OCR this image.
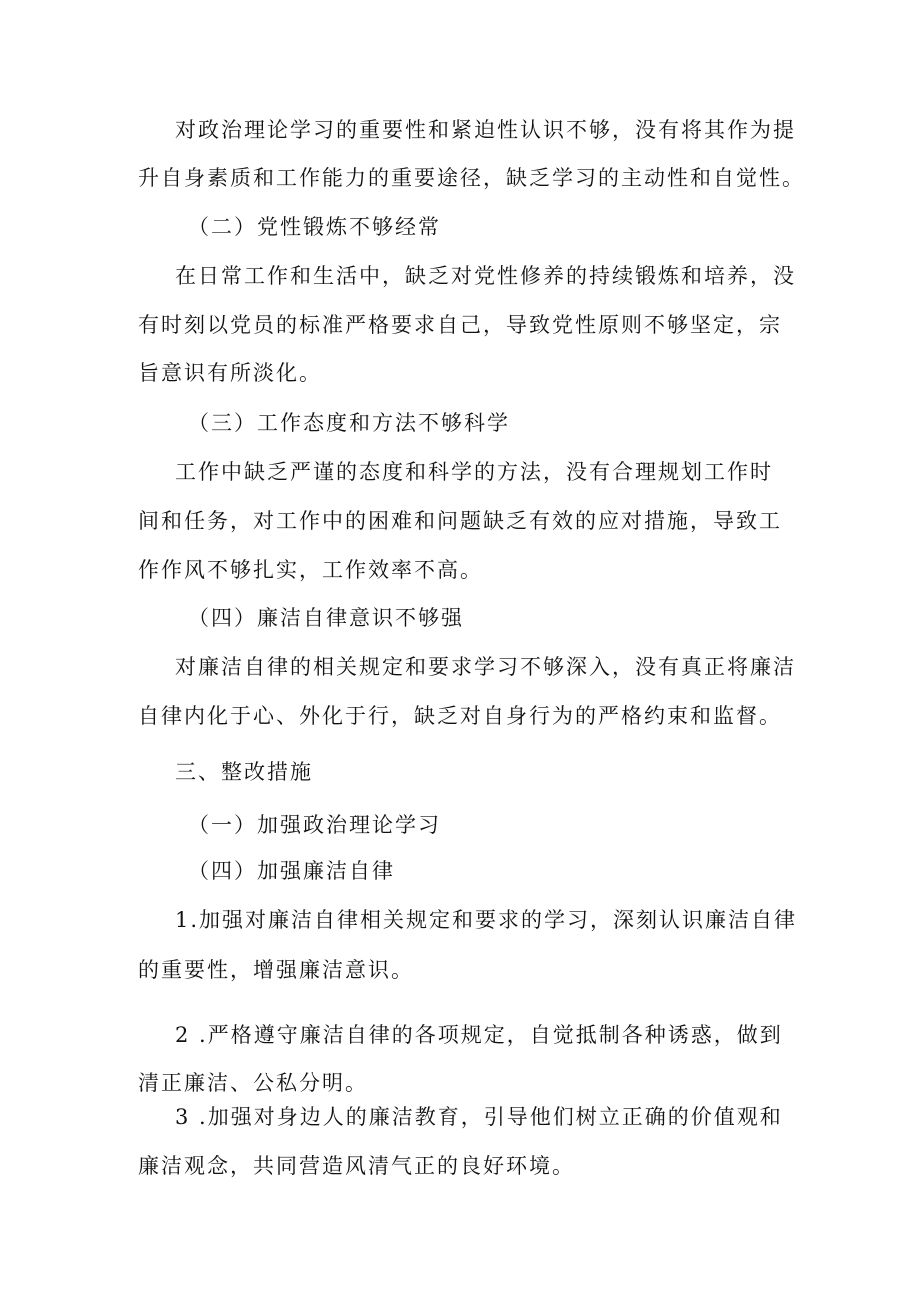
对政治理论学习的重要性和紧迫性认识不够，没有将其作为提
升自身素质和工作能力的重要途径，缺乏学习的主动性和自觉性。
（二）党性锻炼不够经常
在日常工作和生活中，缺乏对党性修养的持续锻炼和培养，没
有时刻以党员的标准严格要求自己，导致党性原则不够坚定，宗
旨意识有所淡化。
（三）工作态度和方法不够科学
工作中缺乏严谨的态度和科学的方法，没有合理规划工作时
间和任务，对工作中的困难和问题缺乏有效的应对措施，导致工
作作风不够扎实，工作效率不高。
（四）廉洁自律意识不够强
对廉洁自律的相关规定和要求学习不够深入，没有真正将廉洁
自律内化于心、外化于行，缺乏对自身行为的严格约束和监督。
三、整改措施
（一）加强政治理论学习
（四）加强廉洁自律
1.加强对廉洁自律相关规定和要求的学习，深刻认识廉洁自律
的重要性，增强廉洁意识。
2 .严格遵守廉洁自律的各项规定，自觉抵制各种诱惑，做到
清正廉洁、公私分明。
3 .加强对身边人的廉洁教育，引导他们树立正确的价值观和
廉洁观念，共同营造风清气正的良好环境。
